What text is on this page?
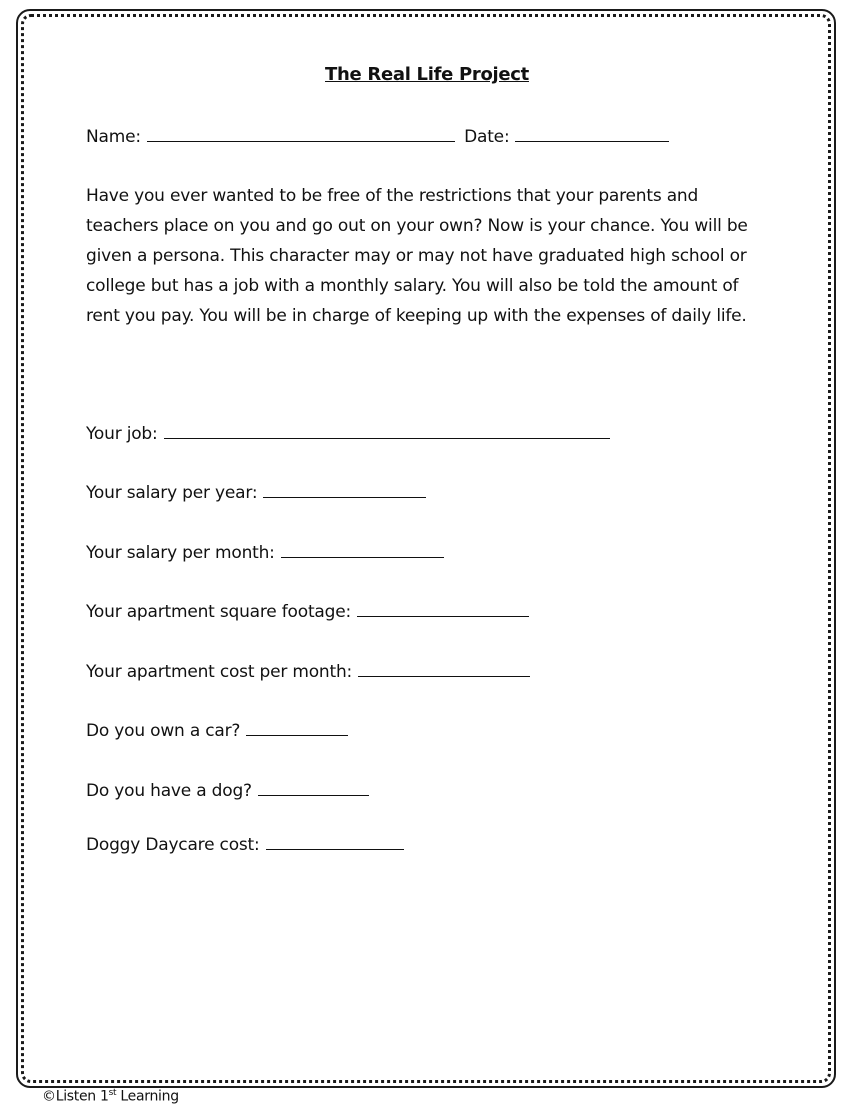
The Real Life Project
Name:	Date:
Have you ever wanted to be free of the restrictions that your parents and teachers place on you and go out on your own? Now is your chance. You will be given a persona. This character may or may not have graduated high school or college but has a job with a monthly salary. You will also be told the amount of rent you pay. You will be in charge of keeping up with the expenses of daily life.
Your job:
Your salary per year:
Your salary per month:
Your apartment square footage:
Your apartment cost per month:
Do you own a car?
Do you have a dog?
Doggy Daycare cost:
©Listen 1st Learning
